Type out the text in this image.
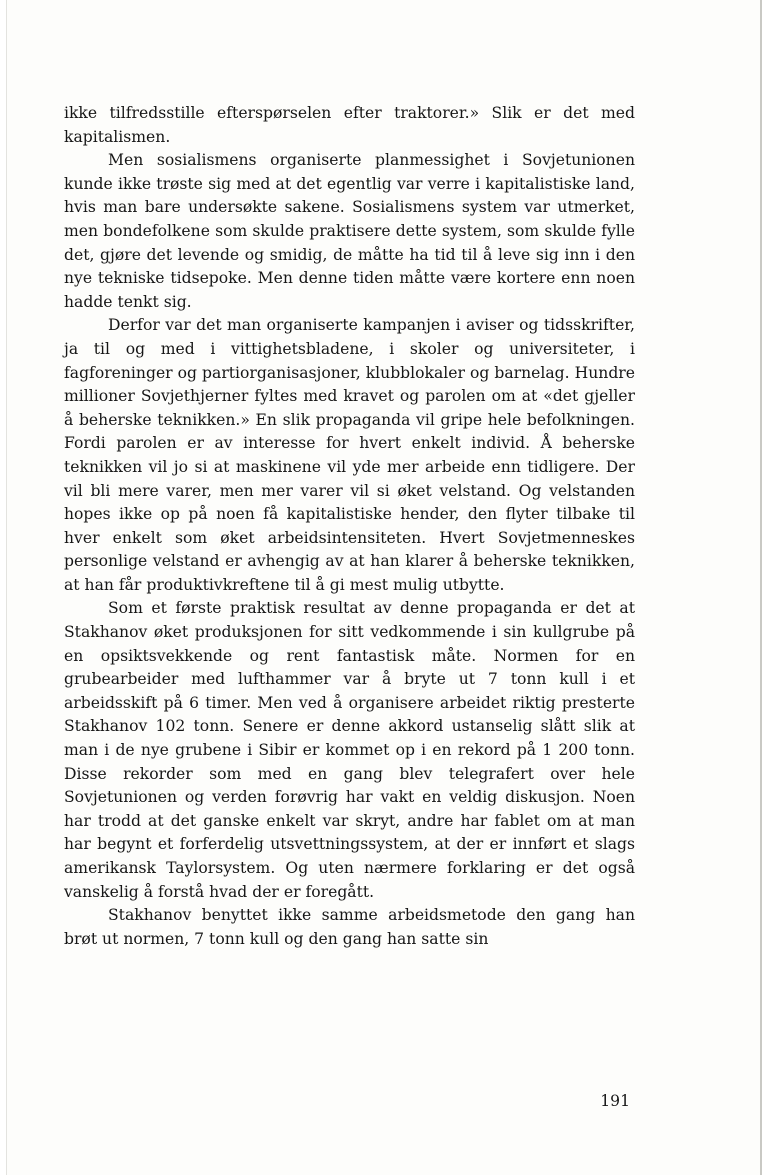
ikke tilfredsstille efterspørselen efter traktorer.» Slik er det med kapitalismen.

Men sosialismens organiserte planmessighet i Sovjetunionen kunde ikke trøste sig med at det egentlig var verre i kapitalistiske land, hvis man bare undersøkte sakene. Sosialismens system var utmerket, men bondefolkene som skulde praktisere dette system, som skulde fylle det, gjøre det levende og smidig, de måtte ha tid til å leve sig inn i den nye tekniske tidsepoke. Men denne tiden måtte være kortere enn noen hadde tenkt sig.

Derfor var det man organiserte kampanjen i aviser og tidsskrifter, ja til og med i vittighetsbladene, i skoler og universiteter, i fagforeninger og partiorganisasjoner, klubblokaler og barnelag. Hundre millioner Sovjethjerner fyltes med kravet og parolen om at «det gjeller å beherske teknikken.» En slik propaganda vil gripe hele befolkningen. Fordi parolen er av interesse for hvert enkelt individ. Å beherske teknikken vil jo si at maskinene vil yde mer arbeide enn tidligere. Der vil bli mere varer, men mer varer vil si øket velstand. Og velstanden hopes ikke op på noen få kapitalistiske hender, den flyter tilbake til hver enkelt som øket arbeidsintensiteten. Hvert Sovjetmenneskes personlige velstand er avhengig av at han klarer å beherske teknikken, at han får produktivkreftene til å gi mest mulig utbytte.

Som et første praktisk resultat av denne propaganda er det at Stakhanov øket produksjonen for sitt vedkommende i sin kullgrube på en opsiktsvekkende og rent fantastisk måte. Normen for en grubearbeider med lufthammer var å bryte ut 7 tonn kull i et arbeidsskift på 6 timer. Men ved å organisere arbeidet riktig presterte Stakhanov 102 tonn. Senere er denne akkord ustanselig slått slik at man i de nye grubene i Sibir er kommet op i en rekord på 1 200 tonn. Disse rekorder som med en gang blev telegrafert over hele Sovjetunionen og verden forøvrig har vakt en veldig diskusjon. Noen har trodd at det ganske enkelt var skryt, andre har fablet om at man har begynt et forferdelig utsvettningssystem, at der er innført et slags amerikansk Taylorsystem. Og uten nærmere forklaring er det også vanskelig å forstå hvad der er foregått.

Stakhanov benyttet ikke samme arbeidsmetode den gang han brøt ut normen, 7 tonn kull og den gang han satte sin

191
